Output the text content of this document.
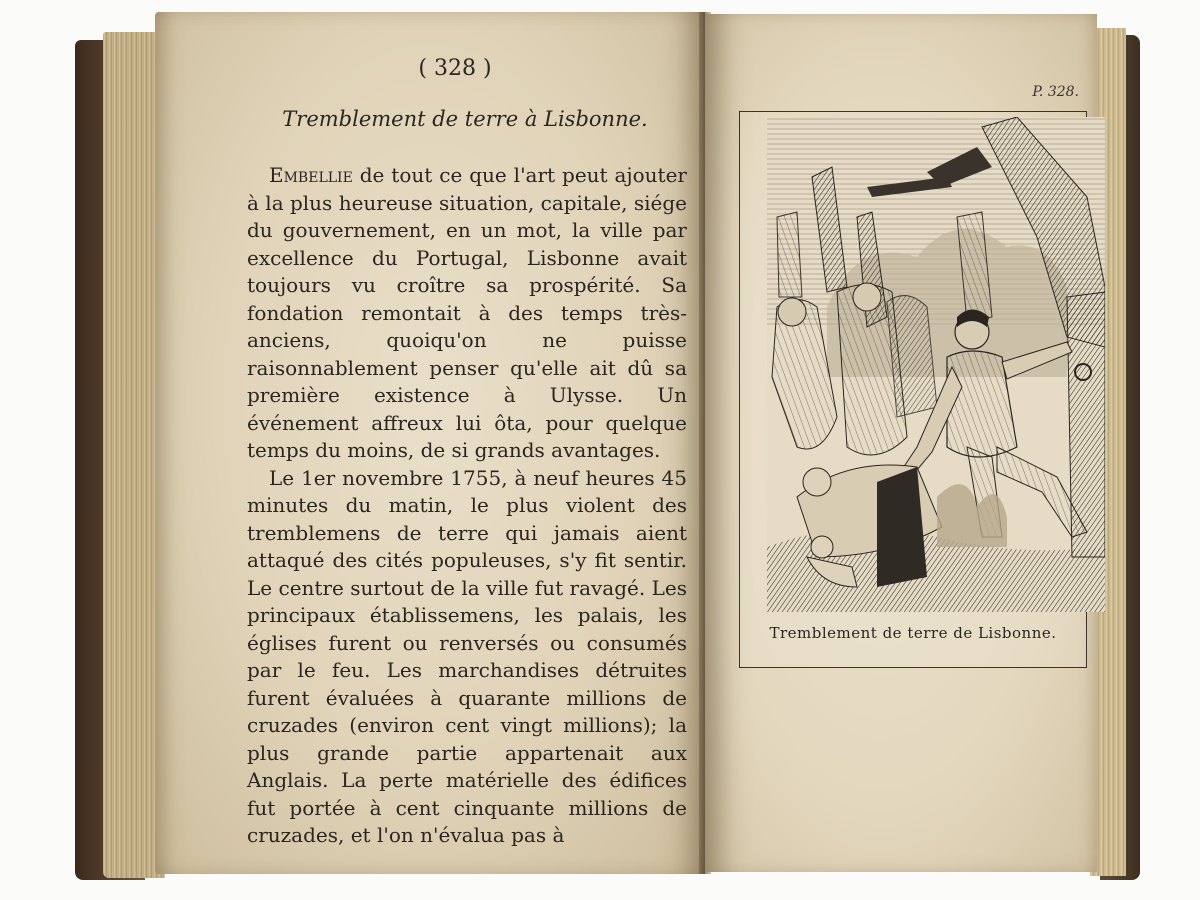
( 328 )
Tremblement de terre à Lisbonne.

Embellie de tout ce que l'art peut ajouter à la plus heureuse situation, capitale, siége du gouvernement, en un mot, la ville par excellence du Portugal, Lisbonne avait toujours vu croître sa prospérité. Sa fondation remontait à des temps très-anciens, quoiqu'on ne puisse raisonnablement penser qu'elle ait dû sa première existence à Ulysse. Un événement affreux lui ôta, pour quelque temps du moins, de si grands avantages.

Le 1er novembre 1755, à neuf heures 45 minutes du matin, le plus violent des tremblemens de terre qui jamais aient attaqué des cités populeuses, s'y fit sentir. Le centre surtout de la ville fut ravagé. Les principaux établissemens, les palais, les églises furent ou renversés ou consumés par le feu. Les marchandises détruites furent évaluées à quarante millions de cruzades (environ cent vingt millions); la plus grande partie appartenait aux Anglais. La perte matérielle des édifices fut portée à cent cinquante millions de cruzades, et l'on n'évalua pas à

P. 328.
Tremblement de terre de Lisbonne.
